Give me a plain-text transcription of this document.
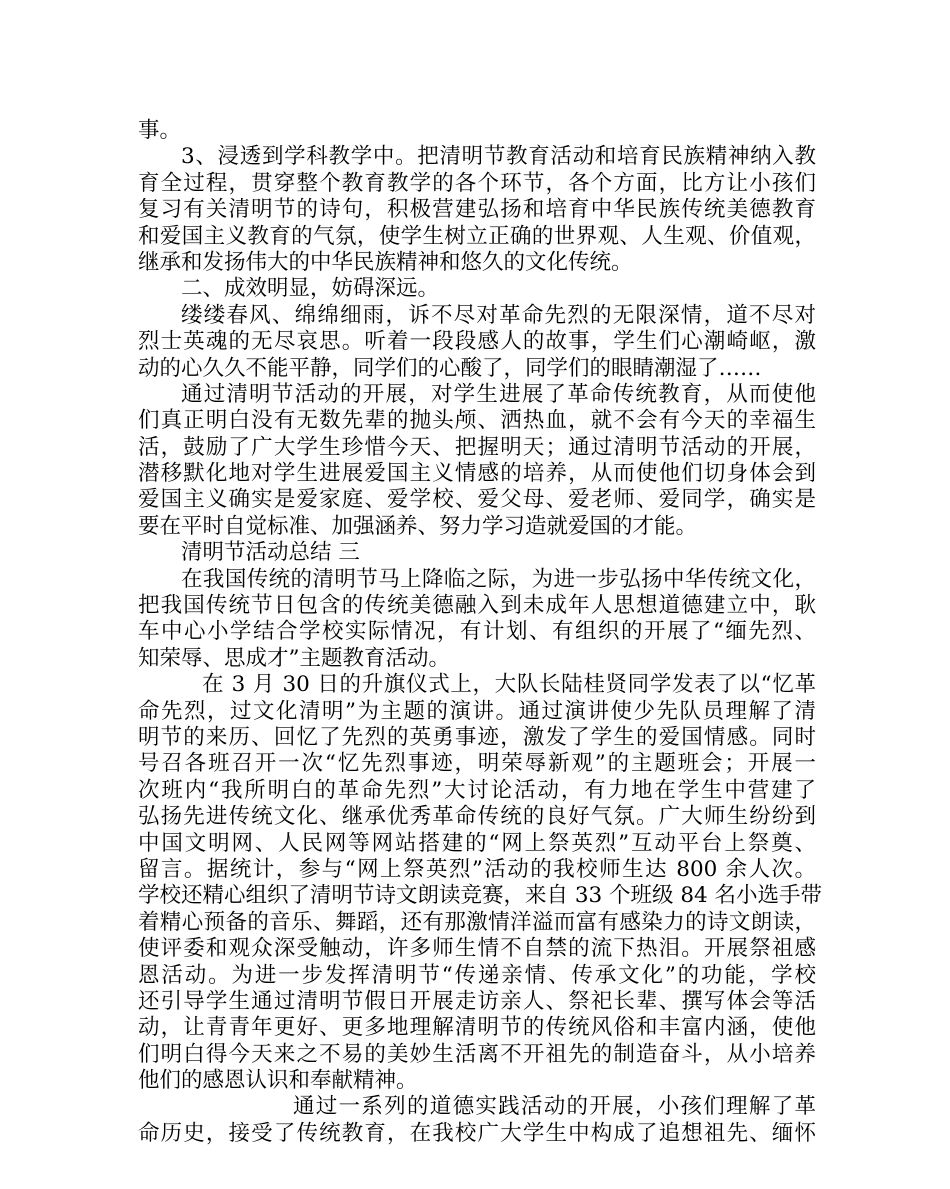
事。
3、浸透到学科教学中。把清明节教育活动和培育民族精神纳入教
育全过程，贯穿整个教育教学的各个环节，各个方面，比方让小孩们
复习有关清明节的诗句，积极营建弘扬和培育中华民族传统美德教育
和爱国主义教育的气氛，使学生树立正确的世界观、人生观、价值观，
继承和发扬伟大的中华民族精神和悠久的文化传统。
二、成效明显，妨碍深远。
缕缕春风、绵绵细雨，诉不尽对革命先烈的无限深情，道不尽对
烈士英魂的无尽哀思。听着一段段感人的故事，学生们心潮崎岖，激
动的心久久不能平静，同学们的心酸了，同学们的眼睛潮湿了……
通过清明节活动的开展，对学生进展了革命传统教育，从而使他
们真正明白没有无数先辈的抛头颅、洒热血，就不会有今天的幸福生
活，鼓励了广大学生珍惜今天、把握明天；通过清明节活动的开展，
潜移默化地对学生进展爱国主义情感的培养，从而使他们切身体会到
爱国主义确实是爱家庭、爱学校、爱父母、爱老师、爱同学，确实是
要在平时自觉标准、加强涵养、努力学习造就爱国的才能。
清明节活动总结 三
在我国传统的清明节马上降临之际，为进一步弘扬中华传统文化，
把我国传统节日包含的传统美德融入到未成年人思想道德建立中，耿
车中心小学结合学校实际情况，有计划、有组织的开展了“缅先烈、
知荣辱、思成才”主题教育活动。
在 3 月 30 日的升旗仪式上，大队长陆桂贤同学发表了以“忆革
命先烈，过文化清明”为主题的演讲。通过演讲使少先队员理解了清
明节的来历、回忆了先烈的英勇事迹，激发了学生的爱国情感。同时
号召各班召开一次“忆先烈事迹，明荣辱新观”的主题班会；开展一
次班内“我所明白的革命先烈”大讨论活动，有力地在学生中营建了
弘扬先进传统文化、继承优秀革命传统的良好气氛。广大师生纷纷到
中国文明网、人民网等网站搭建的“网上祭英烈”互动平台上祭奠、
留言。据统计，参与“网上祭英烈”活动的我校师生达 800 余人次。
学校还精心组织了清明节诗文朗读竞赛，来自 33 个班级 84 名小选手带
着精心预备的音乐、舞蹈，还有那激情洋溢而富有感染力的诗文朗读，
使评委和观众深受触动，许多师生情不自禁的流下热泪。开展祭祖感
恩活动。为进一步发挥清明节“传递亲情、传承文化”的功能，学校
还引导学生通过清明节假日开展走访亲人、祭祀长辈、撰写体会等活
动，让青青年更好、更多地理解清明节的传统风俗和丰富内涵，使他
们明白得今天来之不易的美妙生活离不开祖先的制造奋斗，从小培养
他们的感恩认识和奉献精神。
通过一系列的道德实践活动的开展，小孩们理解了革
命历史，接受了传统教育，在我校广大学生中构成了追想祖先、缅怀
